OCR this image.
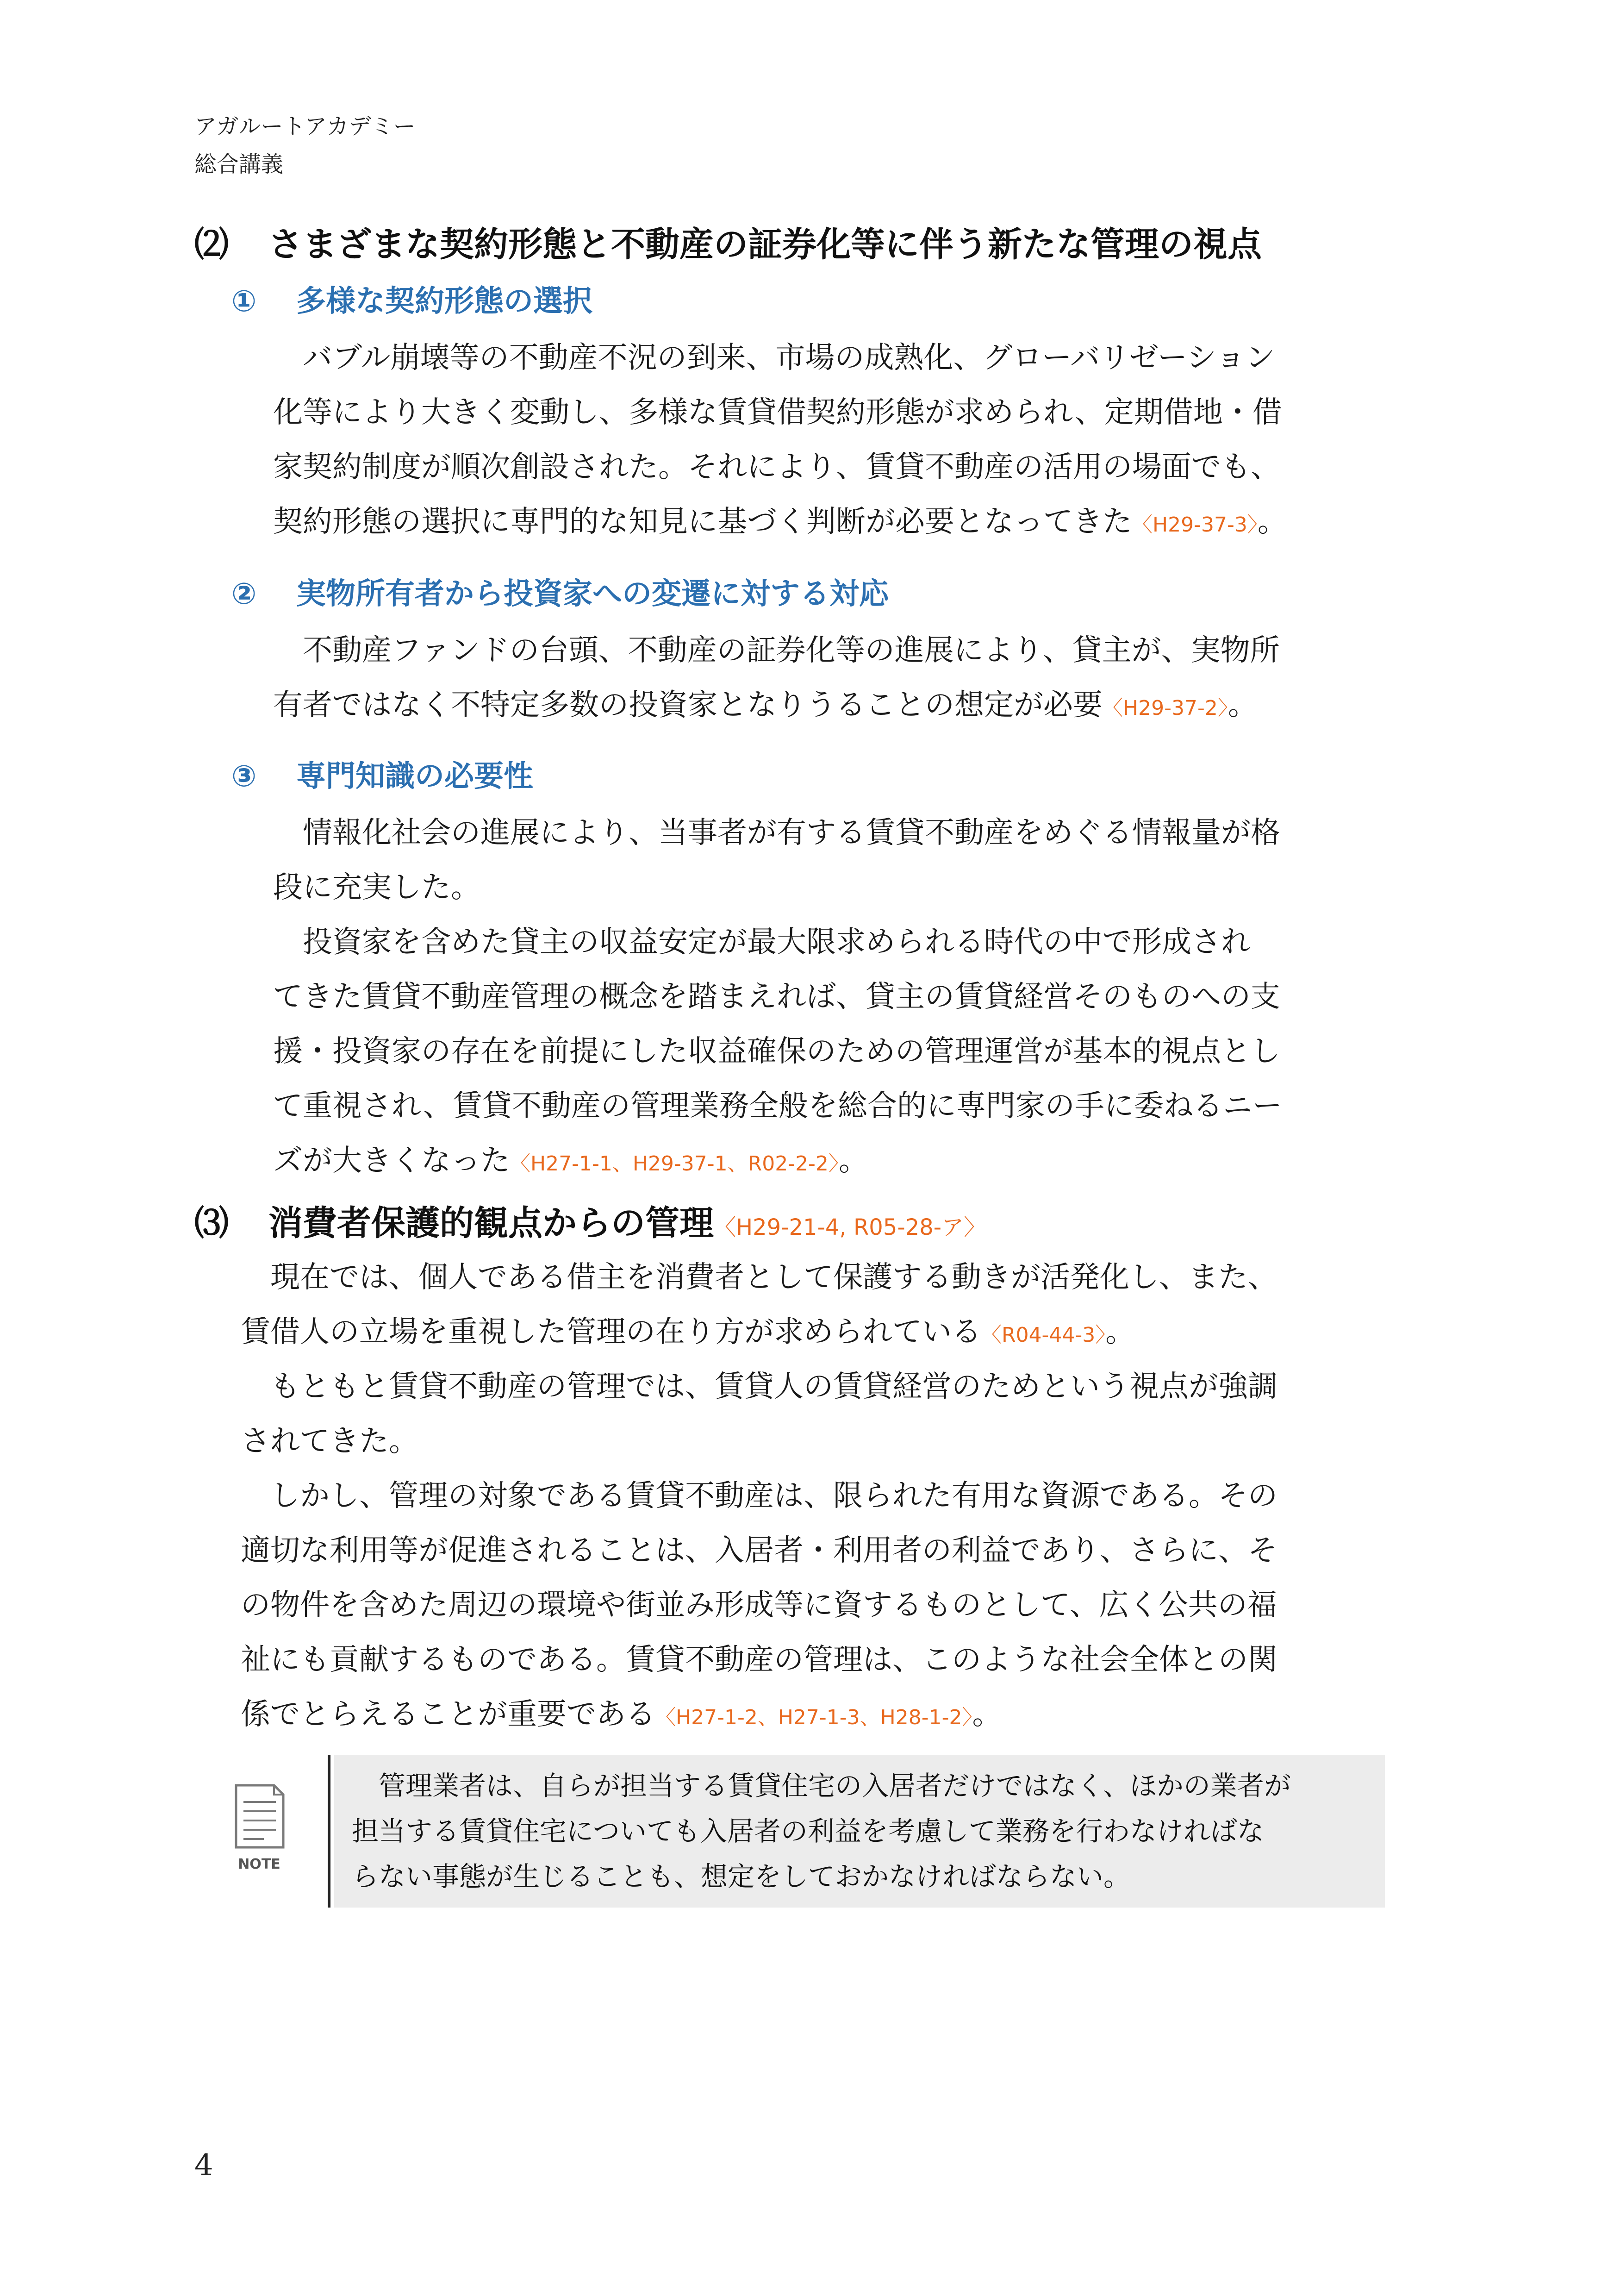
アガルートアカデミー
総合講義
⑵ さまざまな契約形態と不動産の証券化等に伴う新たな管理の視点
① 多様な契約形態の選択
バブル崩壊等の不動産不況の到来、市場の成熟化、グローバリゼーション
化等により大きく変動し、多様な賃貸借契約形態が求められ、定期借地・借
家契約制度が順次創設された。それにより、賃貸不動産の活用の場面でも、
契約形態の選択に専門的な知見に基づく判断が必要となってきた〈H29-37-3〉。
② 実物所有者から投資家への変遷に対する対応
不動産ファンドの台頭、不動産の証券化等の進展により、貸主が、実物所
有者ではなく不特定多数の投資家となりうることの想定が必要〈H29-37-2〉。
③ 専門知識の必要性
情報化社会の進展により、当事者が有する賃貸不動産をめぐる情報量が格
段に充実した。
投資家を含めた貸主の収益安定が最大限求められる時代の中で形成され
てきた賃貸不動産管理の概念を踏まえれば、貸主の賃貸経営そのものへの支
援・投資家の存在を前提にした収益確保のための管理運営が基本的視点とし
て重視され、賃貸不動産の管理業務全般を総合的に専門家の手に委ねるニー
ズが大きくなった〈H27-1-1、H29-37-1、R02-2-2〉。
⑶ 消費者保護的観点からの管理〈H29-21-4, R05-28-ア〉
現在では、個人である借主を消費者として保護する動きが活発化し、また、
賃借人の立場を重視した管理の在り方が求められている〈R04-44-3〉。
もともと賃貸不動産の管理では、賃貸人の賃貸経営のためという視点が強調
されてきた。
しかし、管理の対象である賃貸不動産は、限られた有用な資源である。その
適切な利用等が促進されることは、入居者・利用者の利益であり、さらに、そ
の物件を含めた周辺の環境や街並み形成等に資するものとして、広く公共の福
祉にも貢献するものである。賃貸不動産の管理は、このような社会全体との関
係でとらえることが重要である〈H27-1-2、H27-1-3、H28-1-2〉。
NOTE
管理業者は、自らが担当する賃貸住宅の入居者だけではなく、ほかの業者が
担当する賃貸住宅についても入居者の利益を考慮して業務を行わなければな
らない事態が生じることも、想定をしておかなければならない。
4
